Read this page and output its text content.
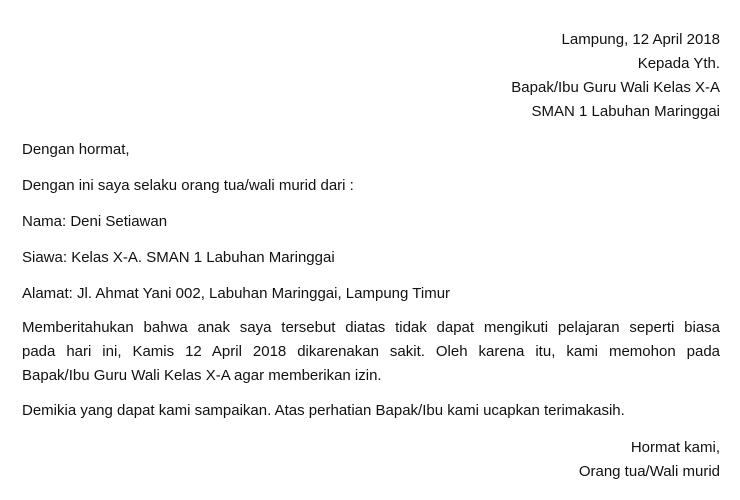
Lampung, 12 April 2018
Kepada Yth.
Bapak/Ibu Guru Wali Kelas X-A
SMAN 1 Labuhan Maringgai
Dengan hormat,
Dengan ini saya selaku orang tua/wali murid dari :
Nama: Deni Setiawan
Siawa: Kelas X-A. SMAN 1 Labuhan Maringgai
Alamat: Jl. Ahmat Yani 002, Labuhan Maringgai, Lampung Timur
Memberitahukan bahwa anak saya tersebut diatas tidak dapat mengikuti pelajaran seperti biasa
pada hari ini, Kamis 12 April 2018 dikarenakan sakit. Oleh karena itu, kami memohon pada
Bapak/Ibu Guru Wali Kelas X-A agar memberikan izin.
Demikia yang dapat kami sampaikan. Atas perhatian Bapak/Ibu kami ucapkan terimakasih.
Hormat kami,
Orang tua/Wali murid
